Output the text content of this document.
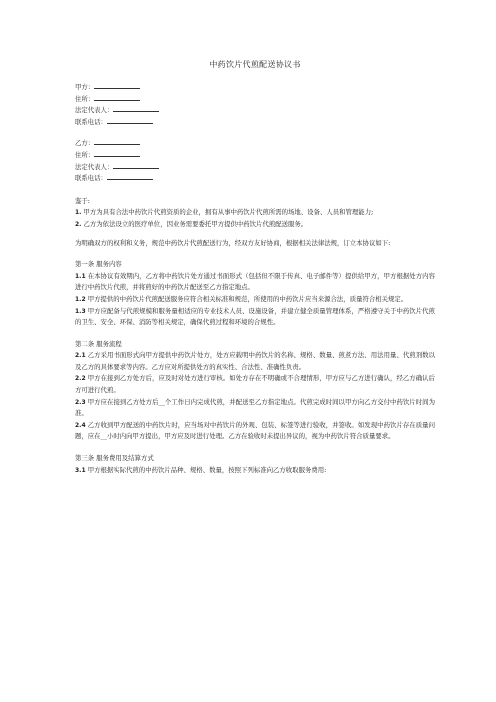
中药饮片代煎配送协议书
甲方：
住所：
法定代表人：
联系电话：
乙方：
住所：
法定代表人：
联系电话：
鉴于:
1. 甲方为具有合法中药饮片代煎资质的企业，拥有从事中药饮片代煎所需的场地、设备、人员和管理能力;
2. 乙方为依法设立的医疗单位，因业务需要委托甲方提供中药饮片代煎配送服务。
为明确双方的权利和义务，规范中药饮片代煎配送行为，经双方友好协商，根据相关法律法规，订立本协议如下:
第一条 服务内容
1.1 在本协议有效期内，乙方将中药饮片处方通过书面形式（包括但不限于传真、电子邮件等）提供给甲方，甲方根据处方内容进行中药饮片代煎，并将煎好的中药饮片配送至乙方指定地点。
1.2 甲方提供的中药饮片代煎配送服务应符合相关标准和规范，所使用的中药饮片应当来源合法，质量符合相关规定。
1.3 甲方应配备与代煎规模和服务量相适应的专业技术人员、设施设备，并建立健全质量管理体系，严格遵守关于中药饮片代煎的卫生、安全、环保、消防等相关规定，确保代煎过程和环境的合规性。
第二条 服务流程
2.1 乙方采用书面形式向甲方提供中药饮片处方，处方应载明中药饮片的名称、规格、数量、煎煮方法、用法用量、代煎剂数以及乙方的具体要求等内容。乙方应对所提供处方的真实性、合法性、准确性负责。
2.2 甲方在接到乙方处方后，应及时对处方进行审核。如处方存在不明确或不合理情形，甲方应与乙方进行确认，经乙方确认后方可进行代煎。
2.3 甲方应在接到乙方处方后__个工作日内完成代煎，并配送至乙方指定地点。代煎完成时间以甲方向乙方交付中药饮片时间为准。
2.4 乙方收到甲方配送的中药饮片时，应当场对中药饮片的外观、包装、标签等进行验收，并签收。如发现中药饮片存在质量问题，应在__小时内向甲方提出，甲方应及时进行处理。乙方在验收时未提出异议的，视为中药饮片符合质量要求。
第三条 服务费用及结算方式
3.1 甲方根据实际代煎的中药饮片品种、规格、数量，按照下列标准向乙方收取服务费用:
